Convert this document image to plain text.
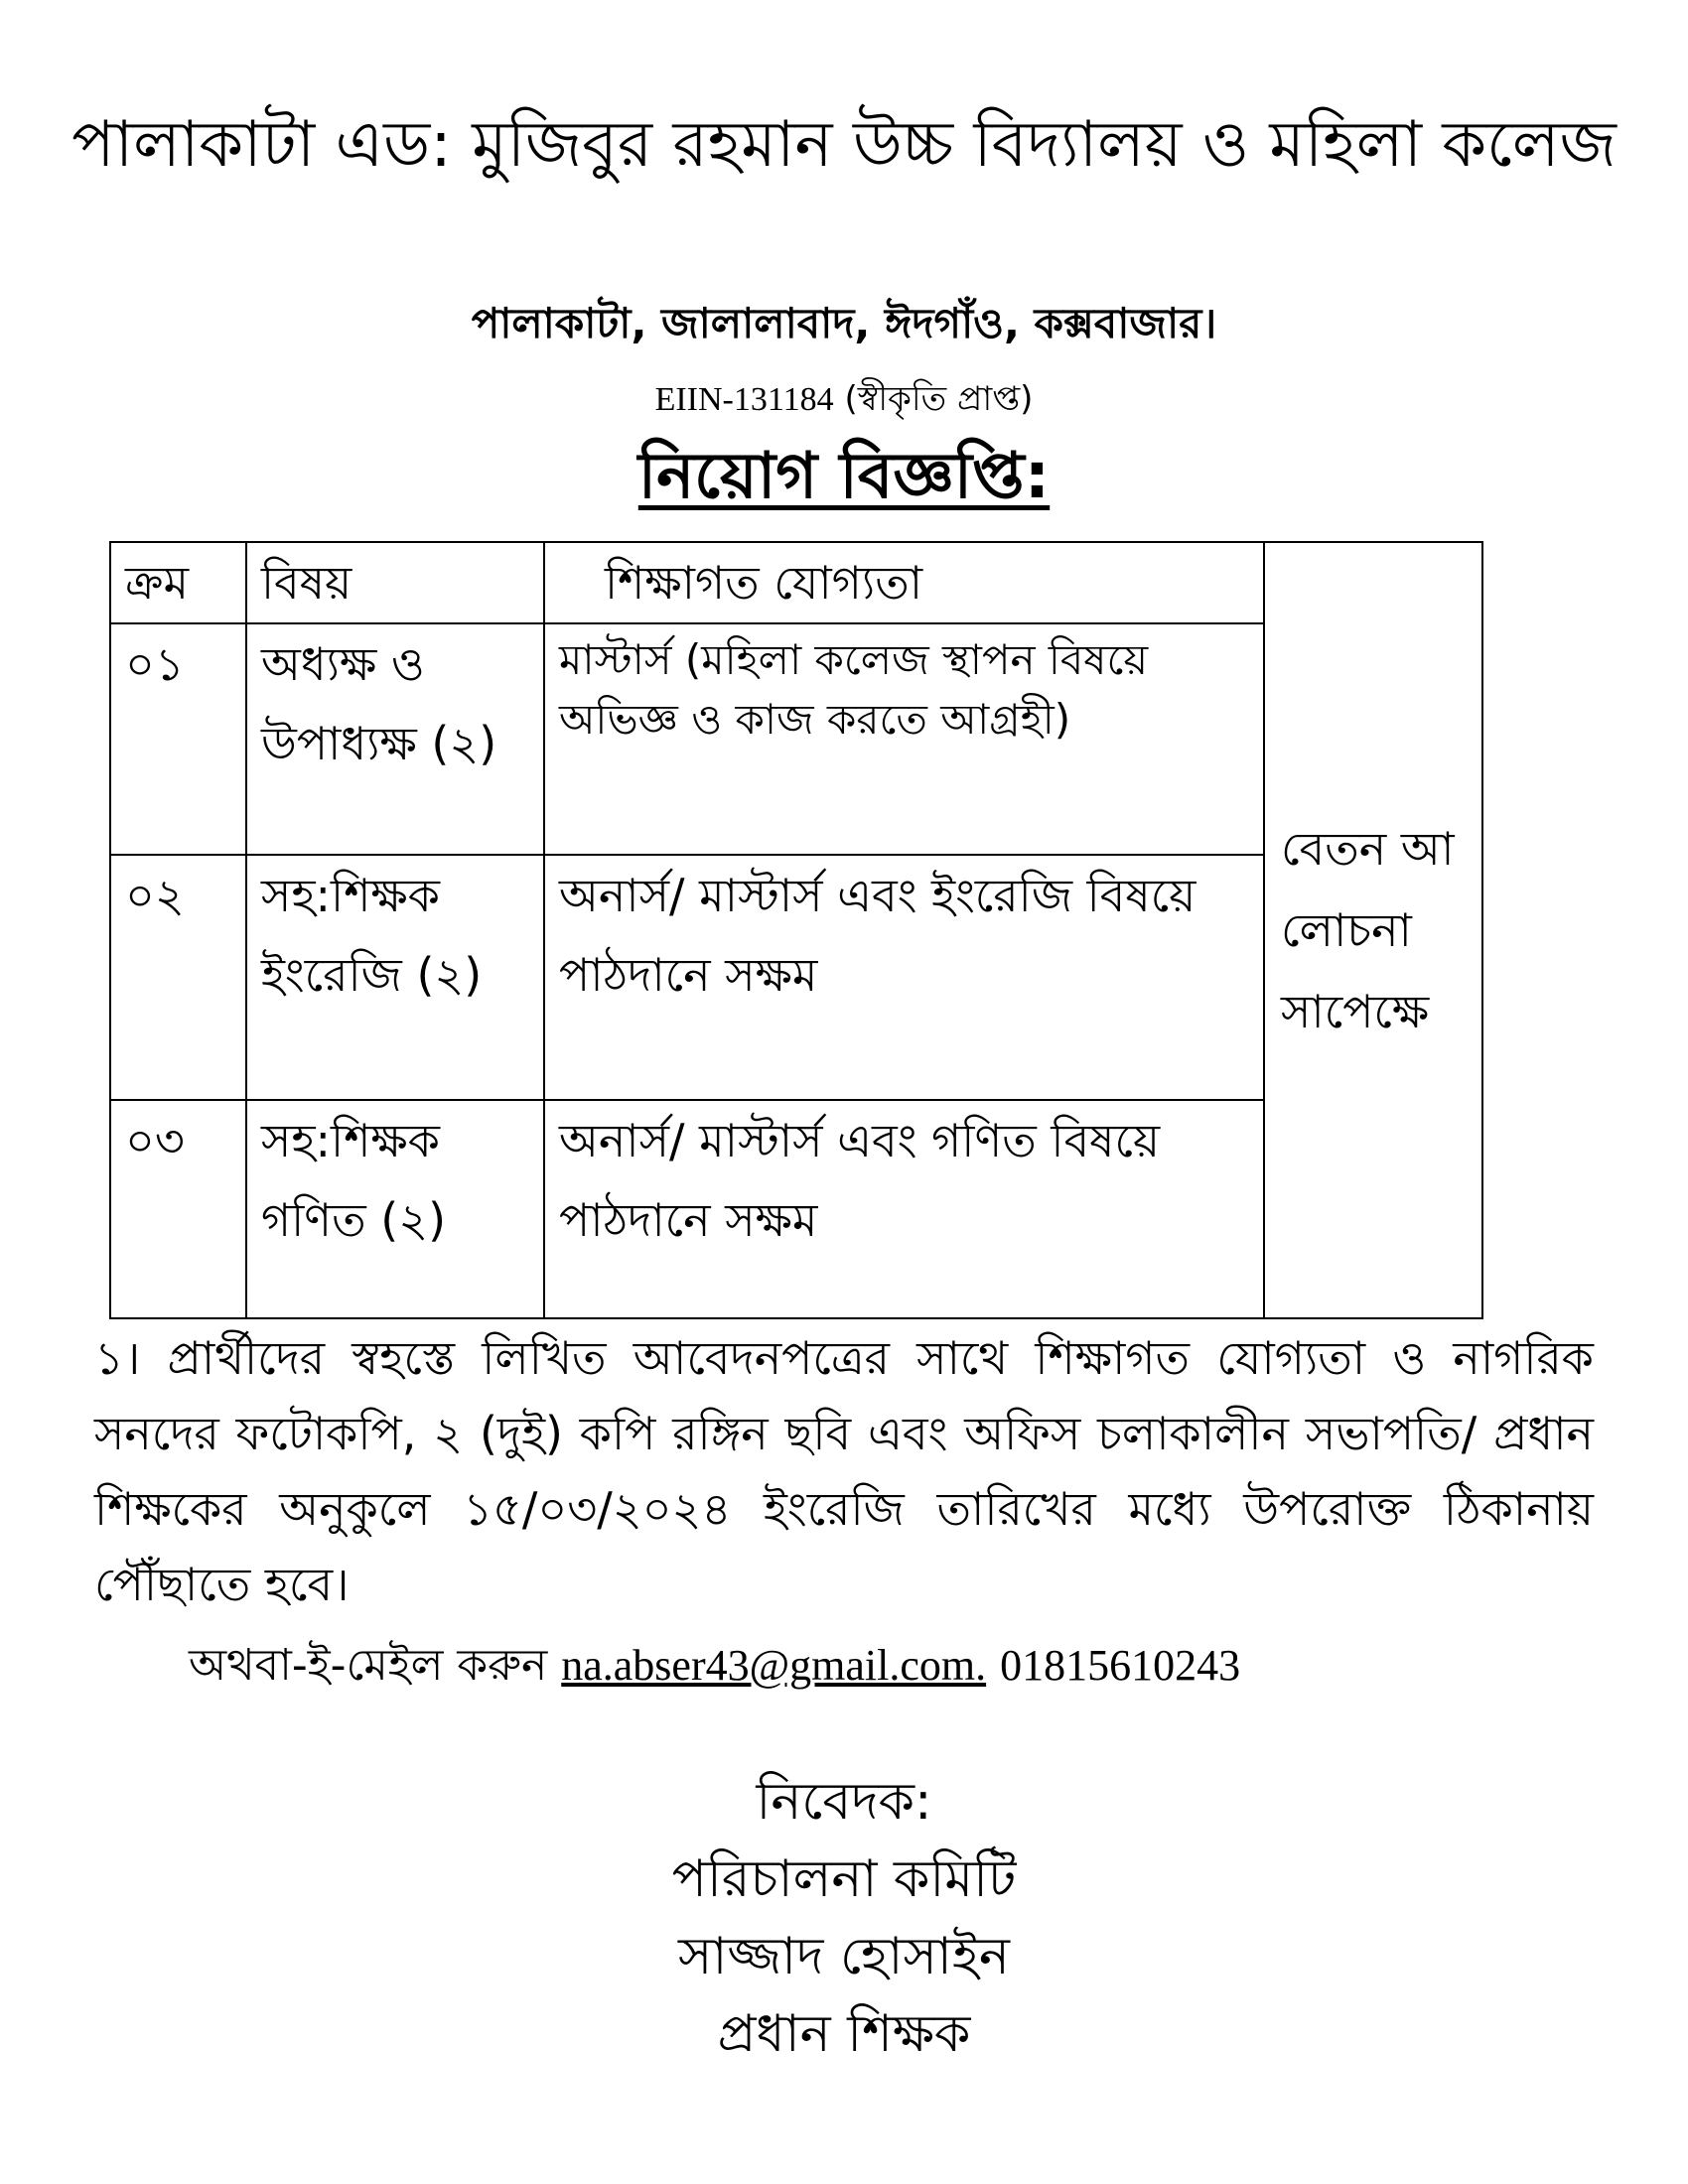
পালাকাটা এড: মুজিবুর রহমান উচ্চ বিদ্যালয় ও মহিলা কলেজ
পালাকাটা, জালালাবাদ, ঈদগাঁও, কক্সবাজার।
EIIN-131184 (স্বীকৃতি প্রাপ্ত)
নিয়োগ বিজ্ঞপ্তি:
ক্রম	বিষয়	শিক্ষাগত যোগ্যতা	বেতন আলোচনা সাপেক্ষে

০১	অধ্যক্ষ ও উপাধ্যক্ষ (২)	মাস্টার্স (মহিলা কলেজ স্থাপন বিষয়ে অভিজ্ঞ ও কাজ করতে আগ্রহী)	
০২	সহ:শিক্ষক ইংরেজি (২)	অনার্স/ মাস্টার্স এবং ইংরেজি বিষয়ে পাঠদানে সক্ষম	
০৩	সহ:শিক্ষক গণিত (২)	অনার্স/ মাস্টার্স এবং গণিত বিষয়ে পাঠদানে সক্ষম	
১। প্রার্থীদের স্বহস্তে লিখিত আবেদনপত্রের সাথে শিক্ষাগত যোগ্যতা ও নাগরিক সনদের ফটোকপি, ২ (দুই) কপি রঙ্গিন ছবি এবং অফিস চলাকালীন সভাপতি/ প্রধান শিক্ষকের অনুকুলে ১৫/০৩/২০২৪ ইংরেজি তারিখের মধ্যে উপরোক্ত ঠিকানায় পৌঁছাতে হবে।
অথবা-ই-মেইল করুন na.abser43@gmail.com. 01815610243
নিবেদক:
পরিচালনা কমিটি
সাজ্জাদ হোসাইন
প্রধান শিক্ষক
